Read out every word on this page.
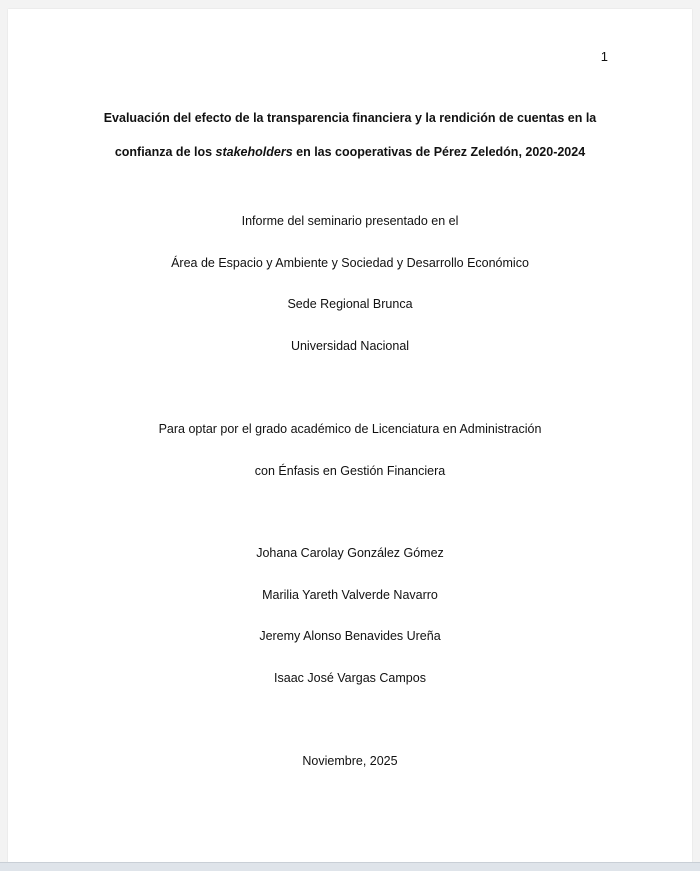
1
Evaluación del efecto de la transparencia financiera y la rendición de cuentas en la
confianza de los stakeholders en las cooperativas de Pérez Zeledón, 2020-2024
Informe del seminario presentado en el
Área de Espacio y Ambiente y Sociedad y Desarrollo Económico
Sede Regional Brunca
Universidad Nacional
Para optar por el grado académico de Licenciatura en Administración
con Énfasis en Gestión Financiera
Johana Carolay González Gómez
Marilia Yareth Valverde Navarro
Jeremy Alonso Benavides Ureña
Isaac José Vargas Campos
Noviembre, 2025
